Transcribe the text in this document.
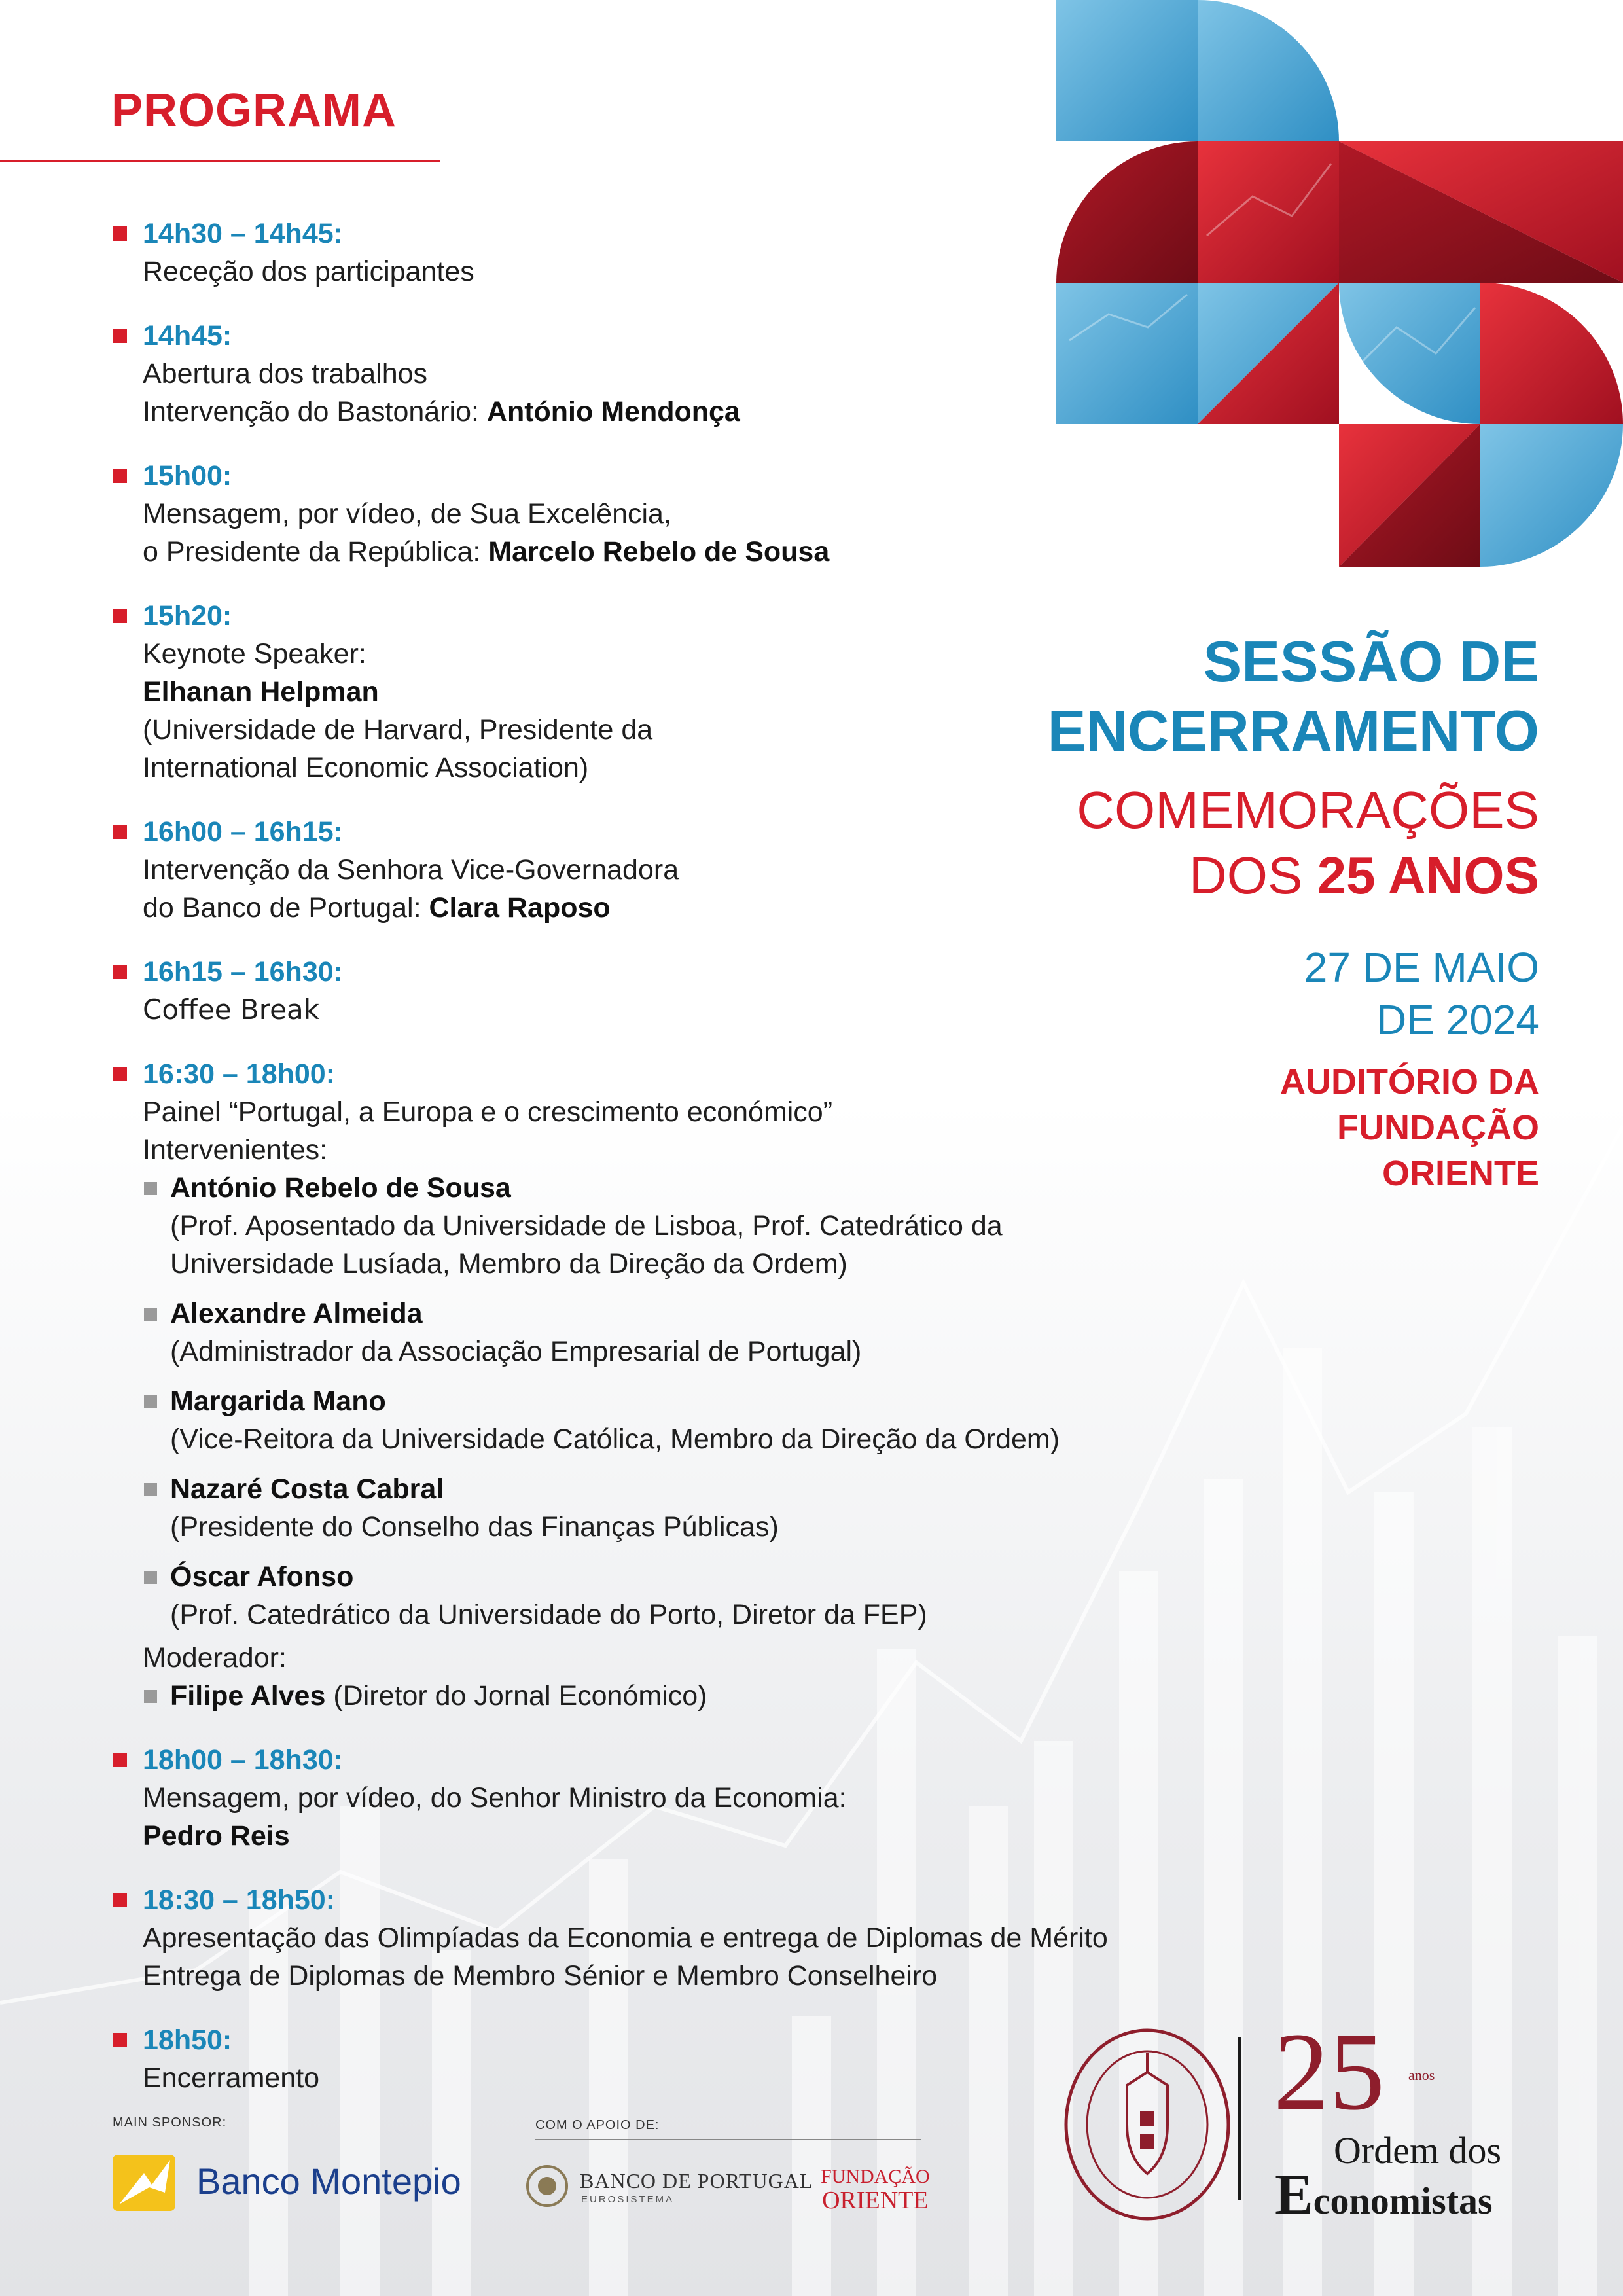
PROGRAMA
14h30 – 14h45:
Receção dos participantes
14h45:
Abertura dos trabalhos
Intervenção do Bastonário: António Mendonça
15h00:
Mensagem, por vídeo, de Sua Excelência,
o Presidente da República: Marcelo Rebelo de Sousa
15h20:
Keynote Speaker:
Elhanan Helpman
(Universidade de Harvard, Presidente da
International Economic Association)
16h00 – 16h15:
Intervenção da Senhora Vice-Governadora
do Banco de Portugal: Clara Raposo
16h15 – 16h30:
Coffee Break
16:30 – 18h00:
Painel “Portugal, a Europa e o crescimento económico”
Intervenientes:
António Rebelo de Sousa
(Prof. Aposentado da Universidade de Lisboa, Prof. Catedrático da
Universidade Lusíada, Membro da Direção da Ordem)
Alexandre Almeida
(Administrador da Associação Empresarial de Portugal)
Margarida Mano
(Vice-Reitora da Universidade Católica, Membro da Direção da Ordem)
Nazaré Costa Cabral
(Presidente do Conselho das Finanças Públicas)
Óscar Afonso
(Prof. Catedrático da Universidade do Porto, Diretor da FEP)
Moderador:
Filipe Alves (Diretor do Jornal Económico)
18h00 – 18h30:
Mensagem, por vídeo, do Senhor Ministro da Economia:
Pedro Reis
18:30 – 18h50:
Apresentação das Olimpíadas da Economia e entrega de Diplomas de Mérito
Entrega de Diplomas de Membro Sénior e Membro Conselheiro
18h50:
Encerramento
SESSÃO DE
ENCERRAMENTO
COMEMORAÇÕES
DOS 25 ANOS
27 DE MAIO
DE 2024
AUDITÓRIO DA
FUNDAÇÃO
ORIENTE
MAIN SPONSOR:
Banco Montepio
COM O APOIO DE:
BANCO DE PORTUGAL
EUROSISTEMA
FUNDAÇÃO
ORIENTE
25 anos
Ordem dos
Economistas
